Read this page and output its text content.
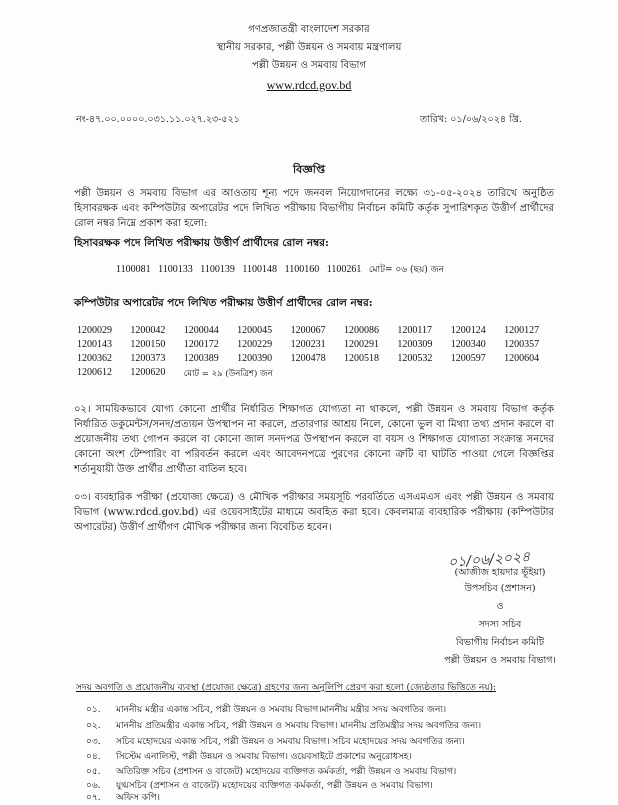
গণপ্রজাতন্ত্রী বাংলাদেশ সরকার
স্থানীয় সরকার, পল্লী উন্নয়ন ও সমবায় মন্ত্রণালয়
পল্লী উন্নয়ন ও সমবায় বিভাগ
www.rdcd.gov.bd
নং-৪৭.০০.০০০০.০৩১.১১.০২৭.২৩-৫২১	তারিখ: ০১/০৬/২০২৪ খ্রি.
বিজ্ঞপ্তি
পল্লী উন্নয়ন ও সমবায় বিভাগ এর আওতায় শূন্য পদে জনবল নিয়োগদানের লক্ষ্যে ৩১-০৫-২০২৪ তারিখে অনুষ্ঠিত হিসাবরক্ষক এবং কম্পিউটার অপারেটর পদে লিখিত পরীক্ষায় বিভাগীয় নির্বাচন কমিটি কর্তৃক সুপারিশকৃত উত্তীর্ণ প্রার্থীদের রোল নম্বর নিম্নে প্রকাশ করা হলো:
হিসাবরক্ষক পদে লিখিত পরীক্ষায় উত্তীর্ণ প্রার্থীদের রোল নম্বর:
1100081 1100133 1100139 1100148 1100160 1100261 মোট= ০৬ (ছয়) জন
কম্পিউটার অপারেটর পদে লিখিত পরীক্ষায় উত্তীর্ণ প্রার্থীদের রোল নম্বর:
1200029	1200042	1200044	1200045	1200067	1200086	1200117	1200124	1200127
1200143	1200150	1200172	1200229	1200231	1200291	1200309	1200340	1200357
1200362	1200373	1200389	1200390	1200478	1200518	1200532	1200597	1200604
1200612	1200620	মোট = ২৯ (উনত্রিশ) জন
০২। সাময়িকভাবে যোগ্য কোনো প্রার্থীর নির্ধারিত শিক্ষাগত যোগ্যতা না থাকলে, পল্লী উন্নয়ন ও সমবায় বিভাগ কর্তৃক নির্ধারিত ডকুমেন্টস/সনদ/প্রত্যয়ন উপস্থাপন না করলে, প্রতারণার আশ্রয় নিলে, কোনো ভুল বা মিথ্যা তথ্য প্রদান করলে বা প্রয়োজনীয় তথ্য গোপন করলে বা কোনো জাল সনদপত্র উপস্থাপন করলে বা বয়স ও শিক্ষাগত যোগ্যতা সংক্রান্ত সনদের কোনো অংশ টেম্পারিং বা পরিবর্তন করলে এবং আবেদনপত্রে পুরণের কোনো ত্রুটি বা ঘাটতি পাওয়া গেলে বিজ্ঞপ্তির শর্তানুযায়ী উক্ত প্রার্থীর প্রার্থীতা বাতিল হবে।
০৩। ব্যবহারিক পরীক্ষা (প্রযোজ্য ক্ষেত্রে) ও মৌখিক পরীক্ষার সময়সূচি পরবর্তিতে এসএমএস এবং পল্লী উন্নয়ন ও সমবায় বিভাগ (www.rdcd.gov.bd) এর ওয়েবসাইটের মাধ্যমে অবহিত করা হবে। কেবলমাত্র ব্যবহারিক পরীক্ষায় (কম্পিউটার অপারেটর) উত্তীর্ণ প্রার্থীগণ মৌখিক পরীক্ষার জন্য বিবেচিত হবেন।
০১/০৬/২০২৪
(আজীজ হায়দার ভূঁইয়া)
উপসচিব (প্রশাসন)
ও
সদস্য সচিব
বিভাগীয় নির্বাচন কমিটি
পল্লী উন্নয়ন ও সমবায় বিভাগ।
সদয় অবগতি ও প্রয়োজনীয় ব্যবস্থা (প্রযোজ্য ক্ষেত্রে) গ্রহণের জন্য অনুলিপি প্রেরণ করা হলো (জ্যেষ্ঠতার ভিত্তিতে নয়):
০১. মাননীয় মন্ত্রীর একান্ত সচিব, পল্লী উন্নয়ন ও সমবায় বিভাগ।মাননীয় মন্ত্রীর সদয় অবগতির জন্য।
০২. মাননীয় প্রতিমন্ত্রীর একান্ত সচিব, পল্লী উন্নয়ন ও সমবায় বিভাগ। মাননীয় প্রতিমন্ত্রীর সদয় অবগতির জন্য।
০৩. সচিব মহোদয়ের একান্ত সচিব, পল্লী উন্নয়ন ও সমবায় বিভাগ। সচিব মহোদয়ের সদয় অবগতির জন্য।
০৪. সিস্টেম এনালিস্ট, পল্লী উন্নয়ন ও সমবায় বিভাগ। ওয়েবসাইটে প্রকাশের অনুরোধসহ।
০৫. অতিরিক্ত সচিব (প্রশাসন ও বাজেট) মহোদয়ের ব্যক্তিগত কর্মকর্তা, পল্লী উন্নয়ন ও সমবায় বিভাগ।
০৬. যুগ্মসচিব (প্রশাসন ও বাজেট) মহোদয়ের ব্যক্তিগত কর্মকর্তা, পল্লী উন্নয়ন ও সমবায় বিভাগ।
০৭. অফিস কপি।
